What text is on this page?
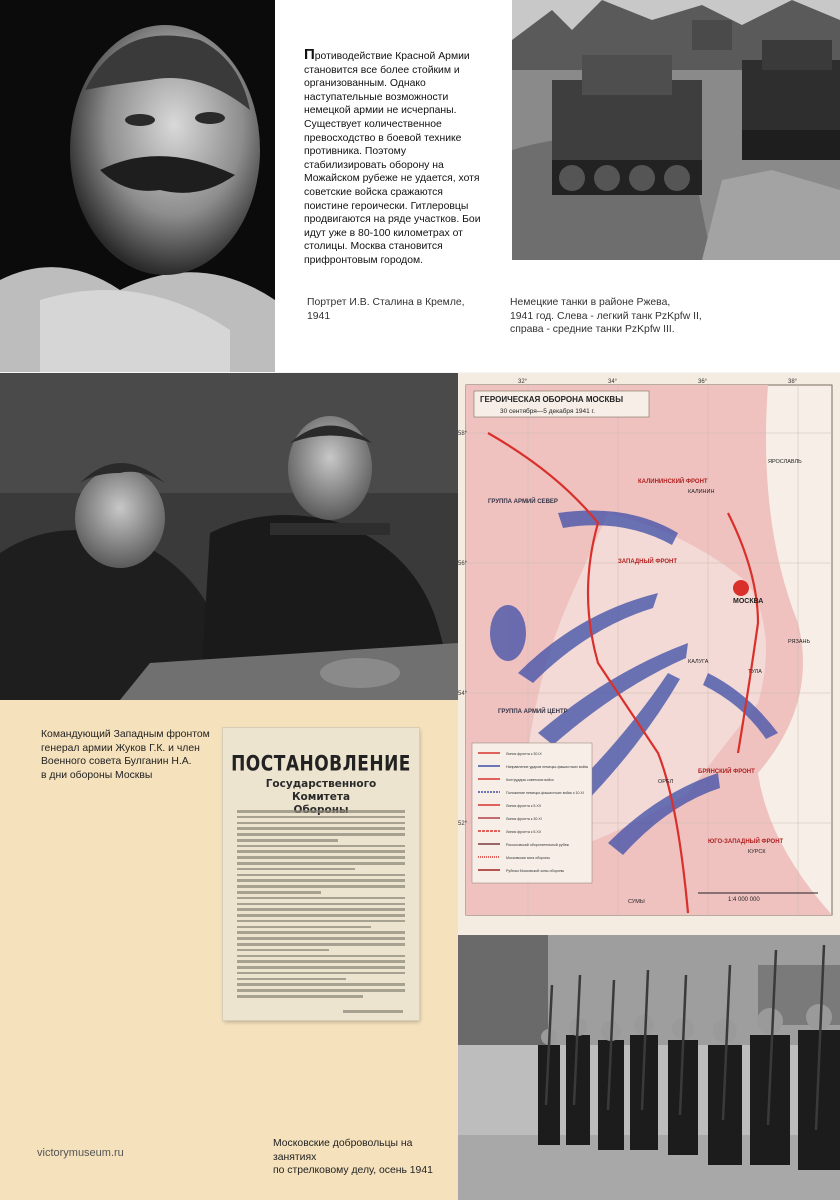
Противодействие Красной Армии становится все более стойким и организованным. Однако наступательные возможности немецкой армии не исчерпаны. Существует количественное превосходство в боевой технике противника. Поэтому стабилизировать оборону на Можайском рубеже не удается, хотя советские войска сражаются поистине героически. Гитлеровцы продвигаются на ряде участков. Бои идут уже в 80-100 километрах от столицы. Москва становится прифронтовым городом.
Портрет И.В. Сталина в Кремле,
1941
Немецкие танки в районе Ржева,
1941 год. Слева - легкий танк PzKpfw II,
справа - средние танки PzKpfw III.
МОСКВА
ГЕРОИЧЕСКАЯ ОБОРОНА МОСКВЫ
30 сентября—5 декабря 1941 г.
32°	34°	36°	38°
58°
56°
54°
52°
ЗАПАДНЫЙ ФРОНТ
КАЛИНИНСКИЙ ФРОНТ
БРЯНСКИЙ ФРОНТ
ЮГО-ЗАПАДНЫЙ ФРОНТ
ГРУППА АРМИЙ СЕВЕР
ГРУППА АРМИЙ ЦЕНТР
ТУЛА
КАЛИНИН
ЯРОСЛАВЛЬ
КУРСК
СУМЫ
РЯЗАНЬ
ОРЕЛ
КАЛУГА
Линия фронта к 30.IX
Направление ударов немецко-фашистских войск
Контрудары советских войск
Положение немецко-фашистских войск к 10.XI
Линия фронта к 5.XII
Линия фронта к 30.XI
Линия фронта к 5.XII
Рокоссовский оборонительный рубеж
Московская зона обороны
Рубежи Московской зоны обороны
1:4 000 000
Командующий Западным фронтом
генерал армии Жуков Г.К. и член
Военного совета Булганин Н.А.
в дни обороны Москвы	ПОСТАНОВЛЕНИЕ
Государственного Комитета
victorymuseum.ru
Московские добровольцы на занятиях
по стрелковому делу, осень 1941
